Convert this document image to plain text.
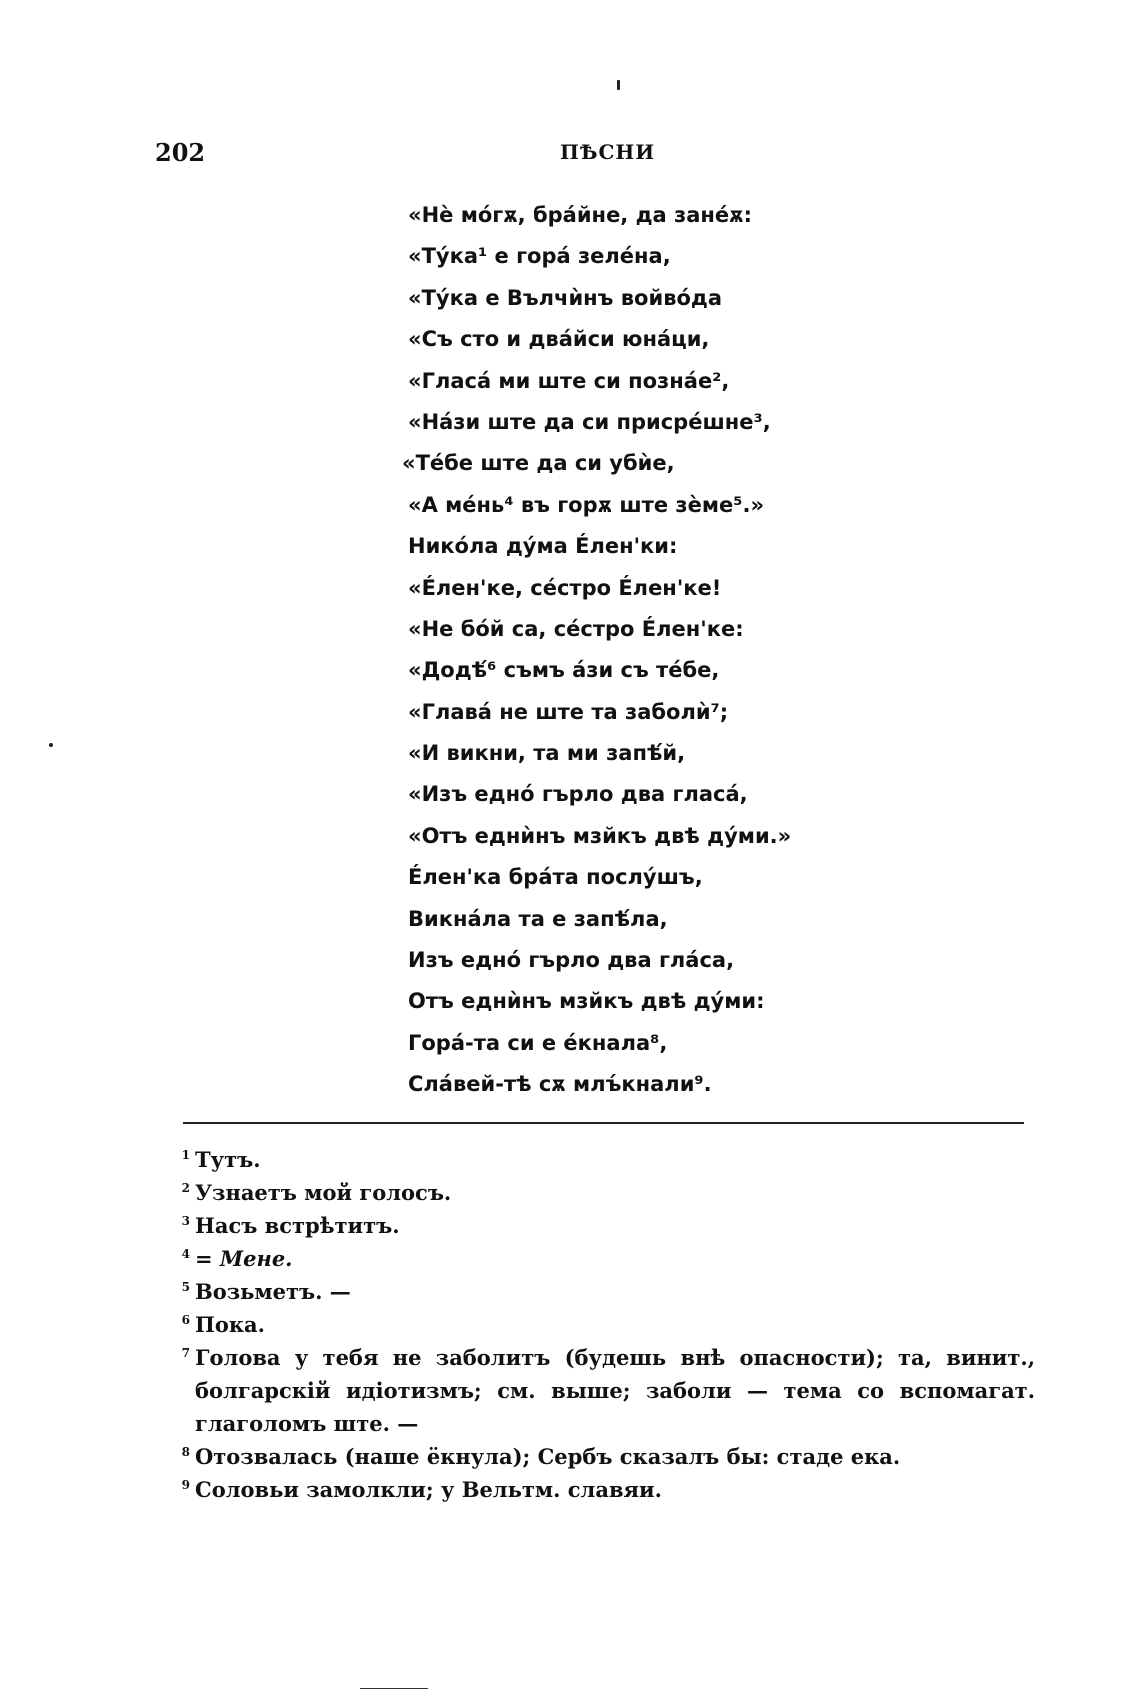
202	ПѢСНИ
«Нѐ мóгѫ, бра́йне, да зане́ѫ:
«Тýка¹ е горá зелéна,
«Тýка е Вълчѝнъ войвóда
«Съ сто и двáйси юна́ци,
«Гласá ми ште си познáе²,
«Нáзи ште да си присрéшне³,
«Тéбе ште да си убѝе,
«А мéнь⁴ въ горѫ ште зѐме⁵.»
Никóла дýма Éлен'ки:
«Éлен'ке, сéстро Éлен'ке!
«Не бóй са, сéстро Éлен'ке:
«Додѣ́⁶ съмъ áзи съ тéбе,
«Главá не ште та заболѝ⁷;
«И викни, та ми запѣ́й,
«Изъ еднó гърло два гласá,
«Отъ еднѝнъ мзйкъ двѣ дýми.»
Éлен'ка брáта послýшъ,
Викнáла та е запѣ́ла,
Изъ еднó гърло два глáса,
Отъ еднѝнъ мзйкъ двѣ дýми:
Горá-та си е éкнала⁸,
Слáвей-тѣ сѫ млъ́кнали⁹.
1 Тутъ.
2 Узнаетъ мой голосъ.
3 Насъ встрѣтитъ.
4 = Мене.
5 Возьметъ. —
6 Пока.
7 Голова у тебя не заболитъ (будешь внѣ опасности); та, винит., болгарскій идіотизмъ; см. выше; заболи — тема со вспомагат. глаголомъ ште. —
8 Отозвалась (наше ёкнула); Сербъ сказалъ бы: стаде ека.
9 Соловьи замолкли; у Вельтм. славяи.
